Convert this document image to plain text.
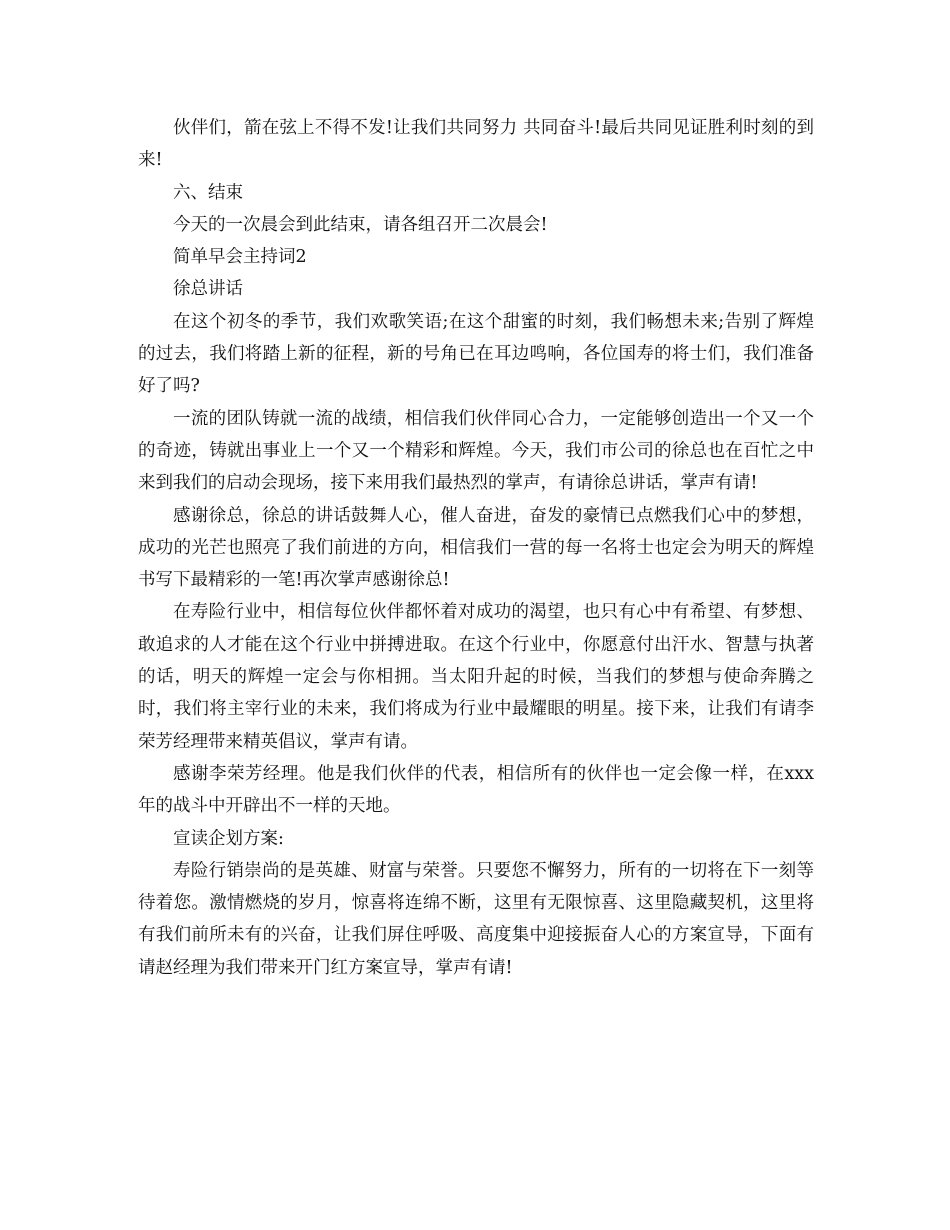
伙伴们，箭在弦上不得不发!让我们共同努力 共同奋斗!最后共同见证胜利时刻的到来!

六、结束

今天的一次晨会到此结束，请各组召开二次晨会!

简单早会主持词2

徐总讲话

在这个初冬的季节，我们欢歌笑语;在这个甜蜜的时刻，我们畅想未来;告别了辉煌的过去，我们将踏上新的征程，新的号角已在耳边鸣响，各位国寿的将士们，我们准备好了吗?

一流的团队铸就一流的战绩，相信我们伙伴同心合力，一定能够创造出一个又一个的奇迹，铸就出事业上一个又一个精彩和辉煌。今天，我们市公司的徐总也在百忙之中来到我们的启动会现场，接下来用我们最热烈的掌声，有请徐总讲话，掌声有请!

感谢徐总，徐总的讲话鼓舞人心，催人奋进，奋发的豪情已点燃我们心中的梦想，成功的光芒也照亮了我们前进的方向，相信我们一营的每一名将士也定会为明天的辉煌书写下最精彩的一笔!再次掌声感谢徐总!

在寿险行业中，相信每位伙伴都怀着对成功的渴望，也只有心中有希望、有梦想、敢追求的人才能在这个行业中拼搏进取。在这个行业中，你愿意付出汗水、智慧与执著的话，明天的辉煌一定会与你相拥。当太阳升起的时候，当我们的梦想与使命奔腾之时，我们将主宰行业的未来，我们将成为行业中最耀眼的明星。接下来，让我们有请李荣芳经理带来精英倡议，掌声有请。

感谢李荣芳经理。他是我们伙伴的代表，相信所有的伙伴也一定会像一样，在xxx年的战斗中开辟出不一样的天地。

宣读企划方案:

寿险行销崇尚的是英雄、财富与荣誉。只要您不懈努力，所有的一切将在下一刻等待着您。激情燃烧的岁月，惊喜将连绵不断，这里有无限惊喜、这里隐藏契机，这里将有我们前所未有的兴奋，让我们屏住呼吸、高度集中迎接振奋人心的方案宣导，下面有请赵经理为我们带来开门红方案宣导，掌声有请!
